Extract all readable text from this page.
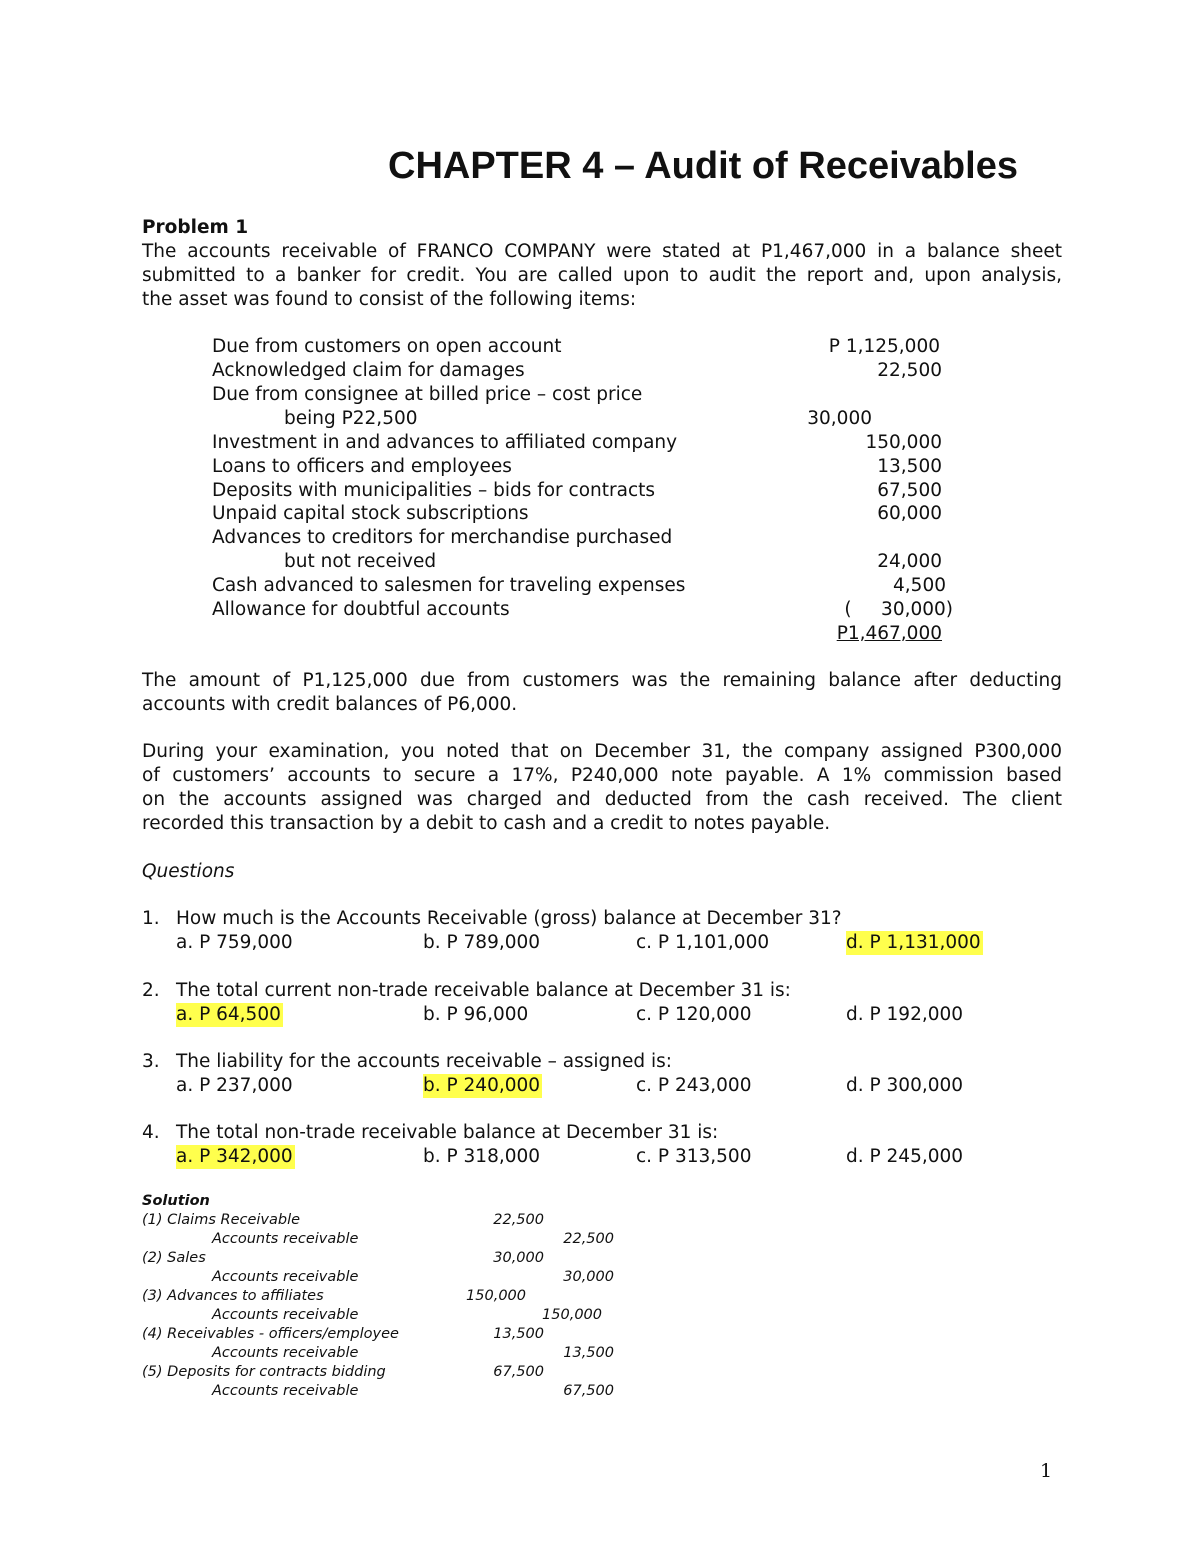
CHAPTER 4 – Audit of Receivables
Problem 1
The accounts receivable of FRANCO COMPANY were stated at P1,467,000 in a balance sheet
submitted to a banker for credit. You are called upon to audit the report and, upon analysis,
the asset was found to consist of the following items:
Due from customers on open account	P 1,125,000
Acknowledged claim for damages	22,500
Due from consignee at billed price – cost price
being P22,500	30,000
Investment in and advances to affiliated company	150,000
Loans to officers and employees	13,500
Deposits with municipalities – bids for contracts	67,500
Unpaid capital stock subscriptions	60,000
Advances to creditors for merchandise purchased
but not received	24,000
Cash advanced to salesmen for traveling expenses	4,500
Allowance for doubtful accounts	(     30,000)
P1,467,000
The amount of P1,125,000 due from customers was the remaining balance after deducting
accounts with credit balances of P6,000.
During your examination, you noted that on December 31, the company assigned P300,000
of customers’ accounts to secure a 17%, P240,000 note payable. A 1% commission based
on the accounts assigned was charged and deducted from the cash received. The client
recorded this transaction by a debit to cash and a credit to notes payable.
Questions
1. How much is the Accounts Receivable (gross) balance at December 31?
a. P 759,000	b. P 789,000	c. P 1,101,000	d. P 1,131,000
2. The total current non-trade receivable balance at December 31 is:
a. P 64,500	b. P 96,000	c. P 120,000	d. P 192,000
3. The liability for the accounts receivable – assigned is:
a. P 237,000	b. P 240,000	c. P 243,000	d. P 300,000
4. The total non-trade receivable balance at December 31 is:
a. P 342,000	b. P 318,000	c. P 313,500	d. P 245,000
Solution
(1) Claims Receivable	22,500
Accounts receivable	22,500
(2) Sales	30,000
Accounts receivable	30,000
(3) Advances to affiliates	150,000
Accounts receivable	150,000
(4) Receivables - officers/employee	13,500
Accounts receivable	13,500
(5) Deposits for contracts bidding	67,500
Accounts receivable	67,500
1
